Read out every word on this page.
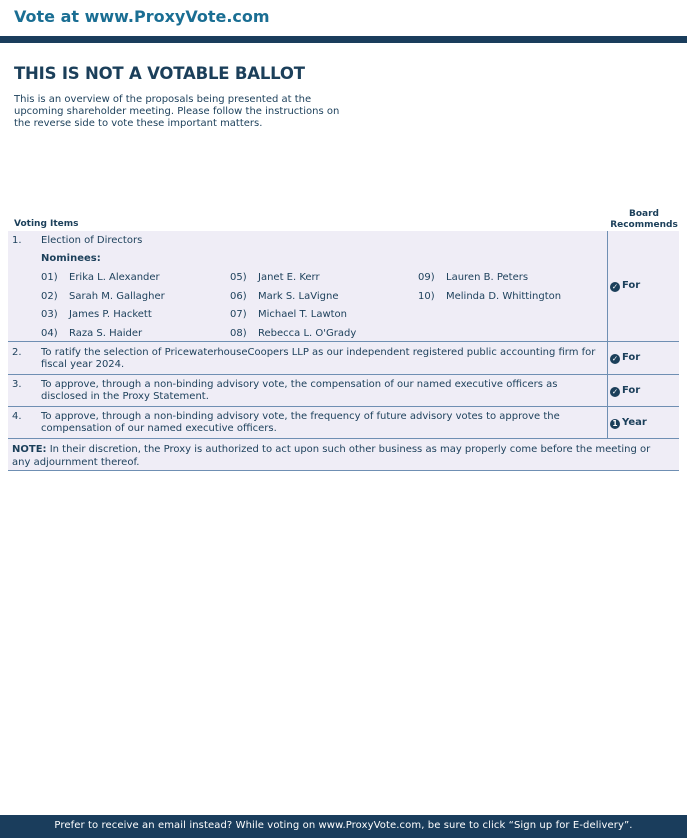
Vote at www.ProxyVote.com
THIS IS NOT A VOTABLE BALLOT
This is an overview of the proposals being presented at the upcoming shareholder meeting. Please follow the instructions on the reverse side to vote these important matters.
Voting Items
Board Recommends
1. Election of Directors
Nominees:
01) Erika L. Alexander
02) Sarah M. Gallagher
03) James P. Hackett
04) Raza S. Haider
05) Janet E. Kerr
06) Mark S. LaVigne
07) Michael T. Lawton
08) Rebecca L. O'Grady
09) Lauren B. Peters
10) Melinda D. Whittington
✓ For
2. To ratify the selection of PricewaterhouseCoopers LLP as our independent registered public accounting firm for fiscal year 2024.	✓ For
3. To approve, through a non-binding advisory vote, the compensation of our named executive officers as disclosed in the Proxy Statement.	✓ For
4. To approve, through a non-binding advisory vote, the frequency of future advisory votes to approve the compensation of our named executive officers.	1 Year
NOTE: In their discretion, the Proxy is authorized to act upon such other business as may properly come before the meeting or any adjournment thereof.
Prefer to receive an email instead? While voting on www.ProxyVote.com, be sure to click “Sign up for E-delivery”.
